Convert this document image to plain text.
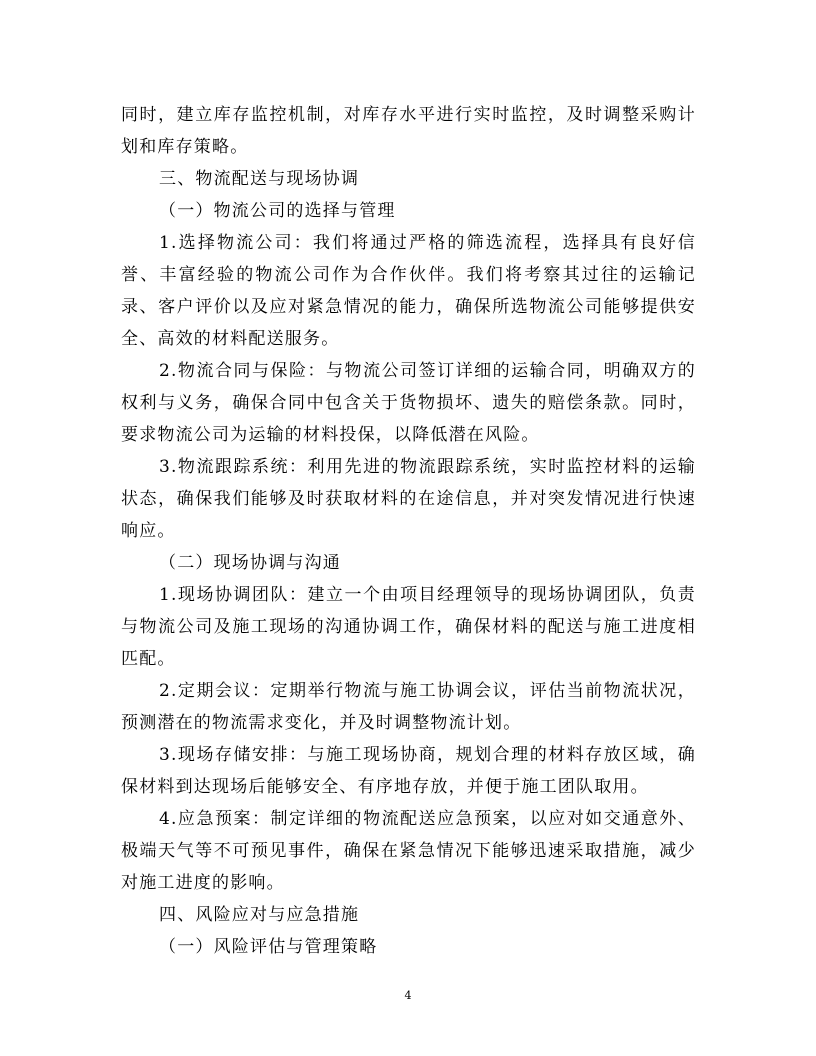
同时，建立库存监控机制，对库存水平进行实时监控，及时调整采购计划和库存策略。

三、物流配送与现场协调

（一）物流公司的选择与管理

1.选择物流公司：我们将通过严格的筛选流程，选择具有良好信誉、丰富经验的物流公司作为合作伙伴。我们将考察其过往的运输记录、客户评价以及应对紧急情况的能力，确保所选物流公司能够提供安全、高效的材料配送服务。

2.物流合同与保险：与物流公司签订详细的运输合同，明确双方的权利与义务，确保合同中包含关于货物损坏、遗失的赔偿条款。同时，要求物流公司为运输的材料投保，以降低潜在风险。

3.物流跟踪系统：利用先进的物流跟踪系统，实时监控材料的运输状态，确保我们能够及时获取材料的在途信息，并对突发情况进行快速响应。

（二）现场协调与沟通

1.现场协调团队：建立一个由项目经理领导的现场协调团队，负责与物流公司及施工现场的沟通协调工作，确保材料的配送与施工进度相匹配。

2.定期会议：定期举行物流与施工协调会议，评估当前物流状况，预测潜在的物流需求变化，并及时调整物流计划。

3.现场存储安排：与施工现场协商，规划合理的材料存放区域，确保材料到达现场后能够安全、有序地存放，并便于施工团队取用。

4.应急预案：制定详细的物流配送应急预案，以应对如交通意外、极端天气等不可预见事件，确保在紧急情况下能够迅速采取措施，减少对施工进度的影响。

四、风险应对与应急措施

（一）风险评估与管理策略

4
